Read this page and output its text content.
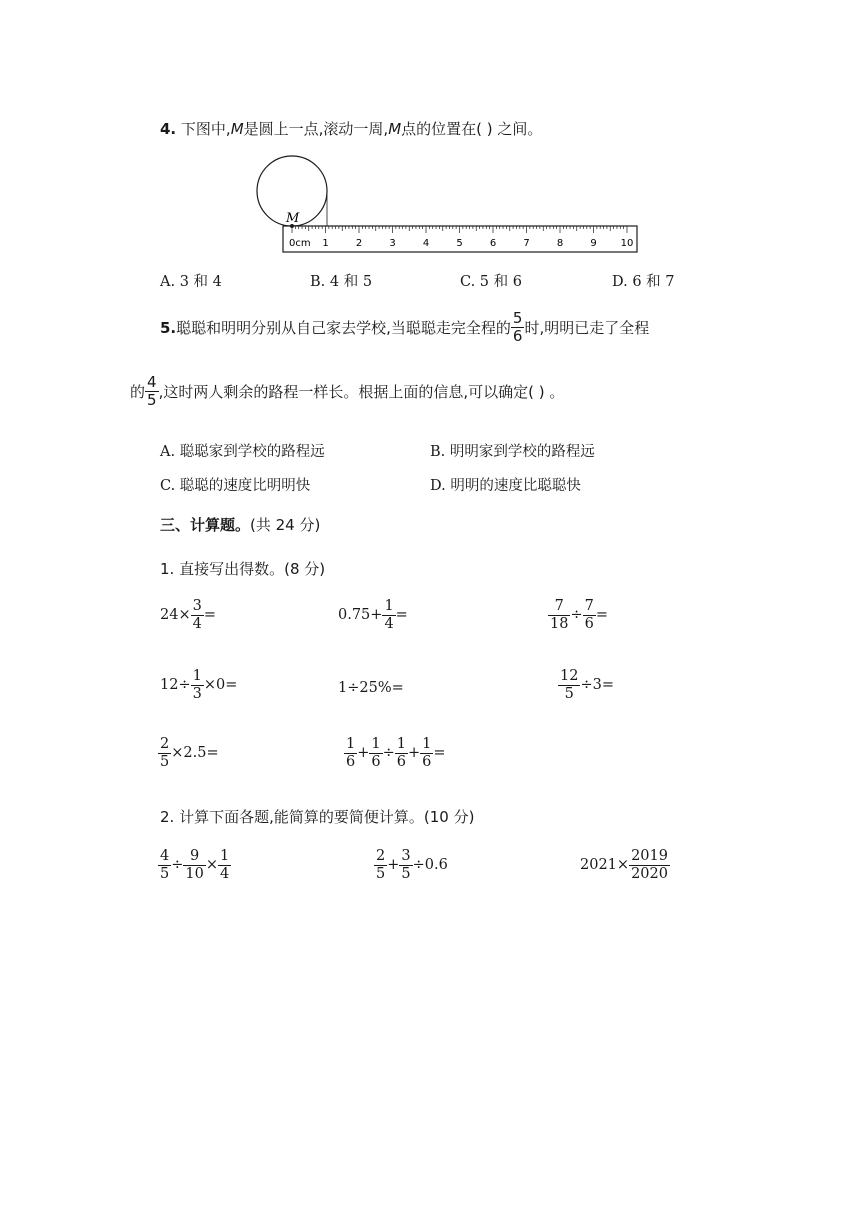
4. 下图中,M是圆上一点,滚动一周,M点的位置在( ) 之间。
M
0cm 1	2	3	4	5	6	7	8	9 10
A. 3 和 4	B. 4 和 5	C. 5 和 6	D. 6 和 7
5. 聪聪和明明分别从自己家去学校,当聪聪走完全程的 $\frac{5}{6}$ 时,明明已走了全程
的 $\frac{4}{5}$ ,这时两人剩余的路程一样长。根据上面的信息,可以确定( ) 。
A. 聪聪家到学校的路程远	B. 明明家到学校的路程远
C. 聪聪的速度比明明快	D. 明明的速度比聪聪快
三、计算题。(共 24 分)
1. 直接写出得数。(8 分)
$24\times \frac{3}{4}$ =	$0.75+ \frac{1}{4}$ =	$\frac{7}{18} \div \frac{7}{6}$ =
$12\div \frac{1}{3} \times 0=$	1÷25%=	$\frac{12}{5} \div 3=$
$\frac{2}{5} \times 2.5=$	$\frac{1}{6} + \frac{1}{6} \div \frac{1}{6} + \frac{1}{6}$ =
2. 计算下面各题,能简算的要简便计算。(10 分)
$\frac{4}{5} \div \frac{9}{10} \times \frac{1}{4}$	$\frac{2}{5} + \frac{3}{5} \div 0.6$	$2021\times \frac{2019}{2020}$
